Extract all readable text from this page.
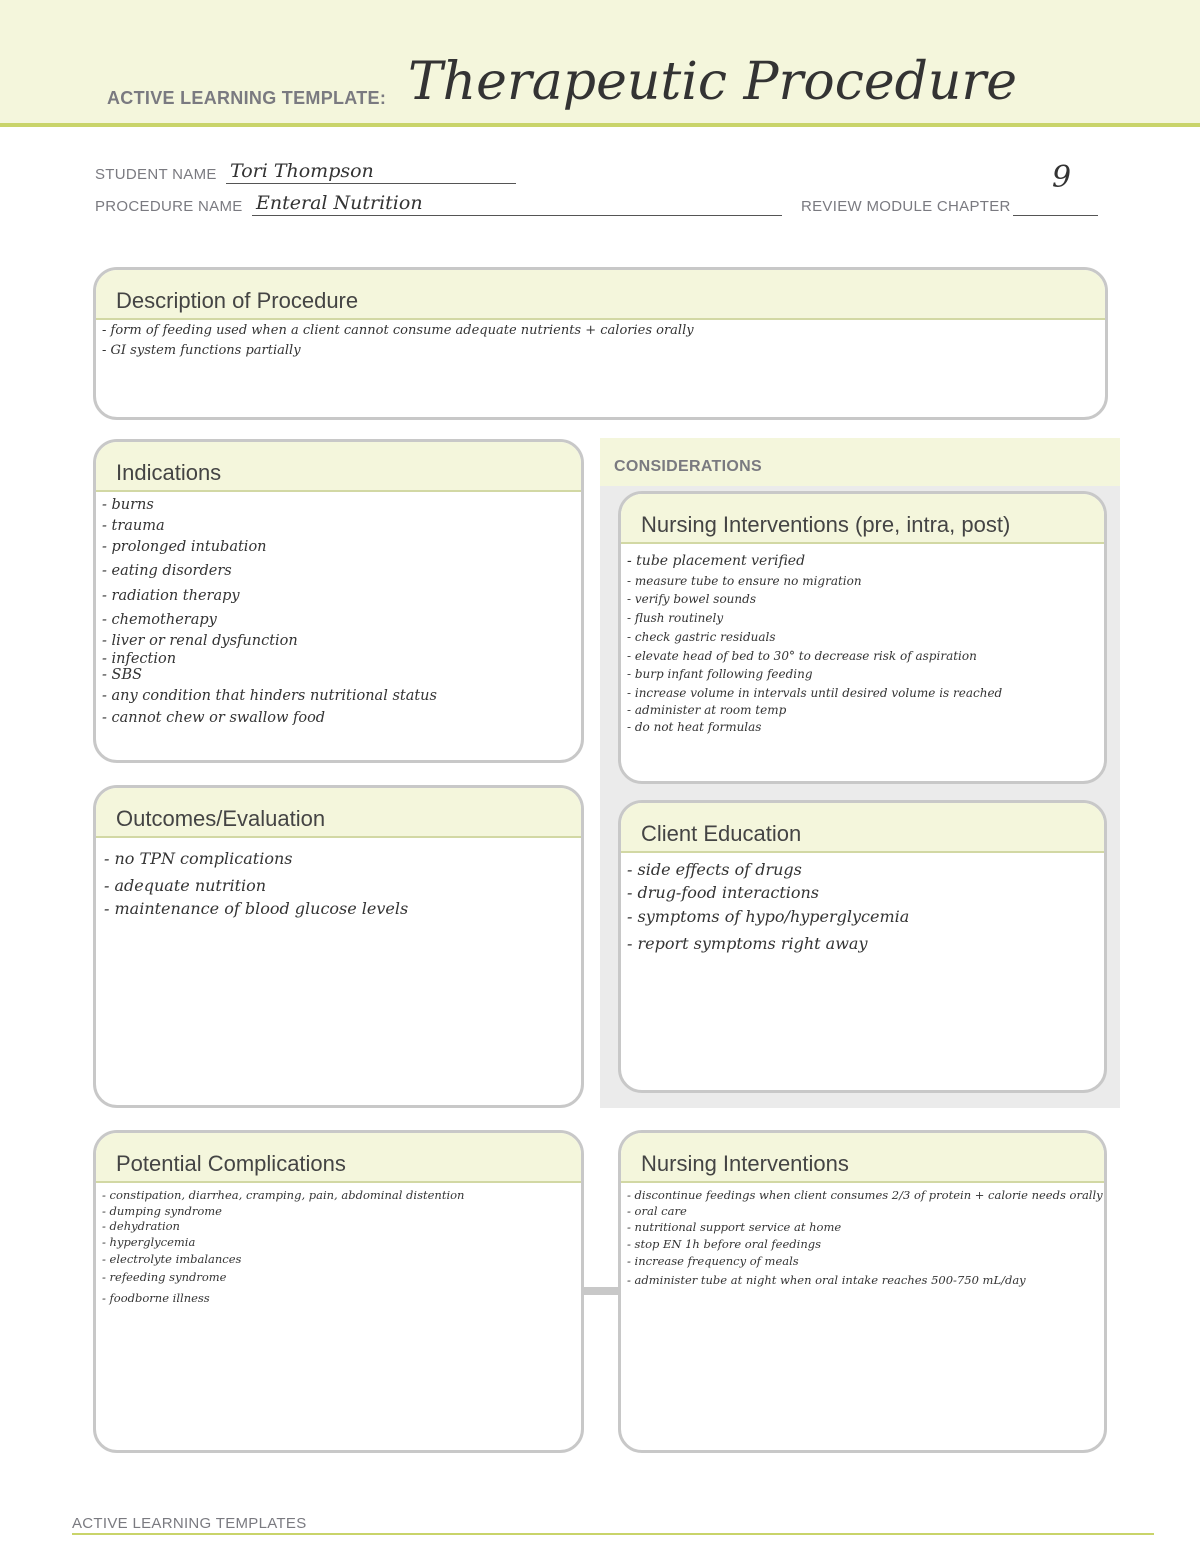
ACTIVE LEARNING TEMPLATE: Therapeutic Procedure
STUDENT NAME Tori Thompson
PROCEDURE NAME Enteral Nutrition	REVIEW MODULE CHAPTER
9
Description of Procedure
- form of feeding used when a client cannot consume adequate nutrients + calories orally
- GI system functions partially
Indications
- burns
- trauma
- prolonged intubation
- eating disorders
- radiation therapy
- chemotherapy
- liver or renal dysfunction
- infection
- SBS
- any condition that hinders nutritional status
- cannot chew or swallow food
Outcomes/Evaluation
- no TPN complications
- adequate nutrition
- maintenance of blood glucose levels
CONSIDERATIONS
Nursing Interventions (pre, intra, post)
- tube placement verified
- measure tube to ensure no migration
- verify bowel sounds
- flush routinely
- check gastric residuals
- elevate head of bed to 30° to decrease risk of aspiration
- burp infant following feeding
- increase volume in intervals until desired volume is reached
- administer at room temp
- do not heat formulas
Client Education
- side effects of drugs
- drug-food interactions
- symptoms of hypo/hyperglycemia
- report symptoms right away
Potential Complications
- constipation, diarrhea, cramping, pain, abdominal distention
- dumping syndrome
- dehydration
- hyperglycemia
- electrolyte imbalances
- refeeding syndrome
- foodborne illness
Nursing Interventions
- discontinue feedings when client consumes 2/3 of protein + calorie needs orally
- oral care
- nutritional support service at home
- stop EN 1h before oral feedings
- increase frequency of meals
- administer tube at night when oral intake reaches 500-750 mL/day
ACTIVE LEARNING TEMPLATES
